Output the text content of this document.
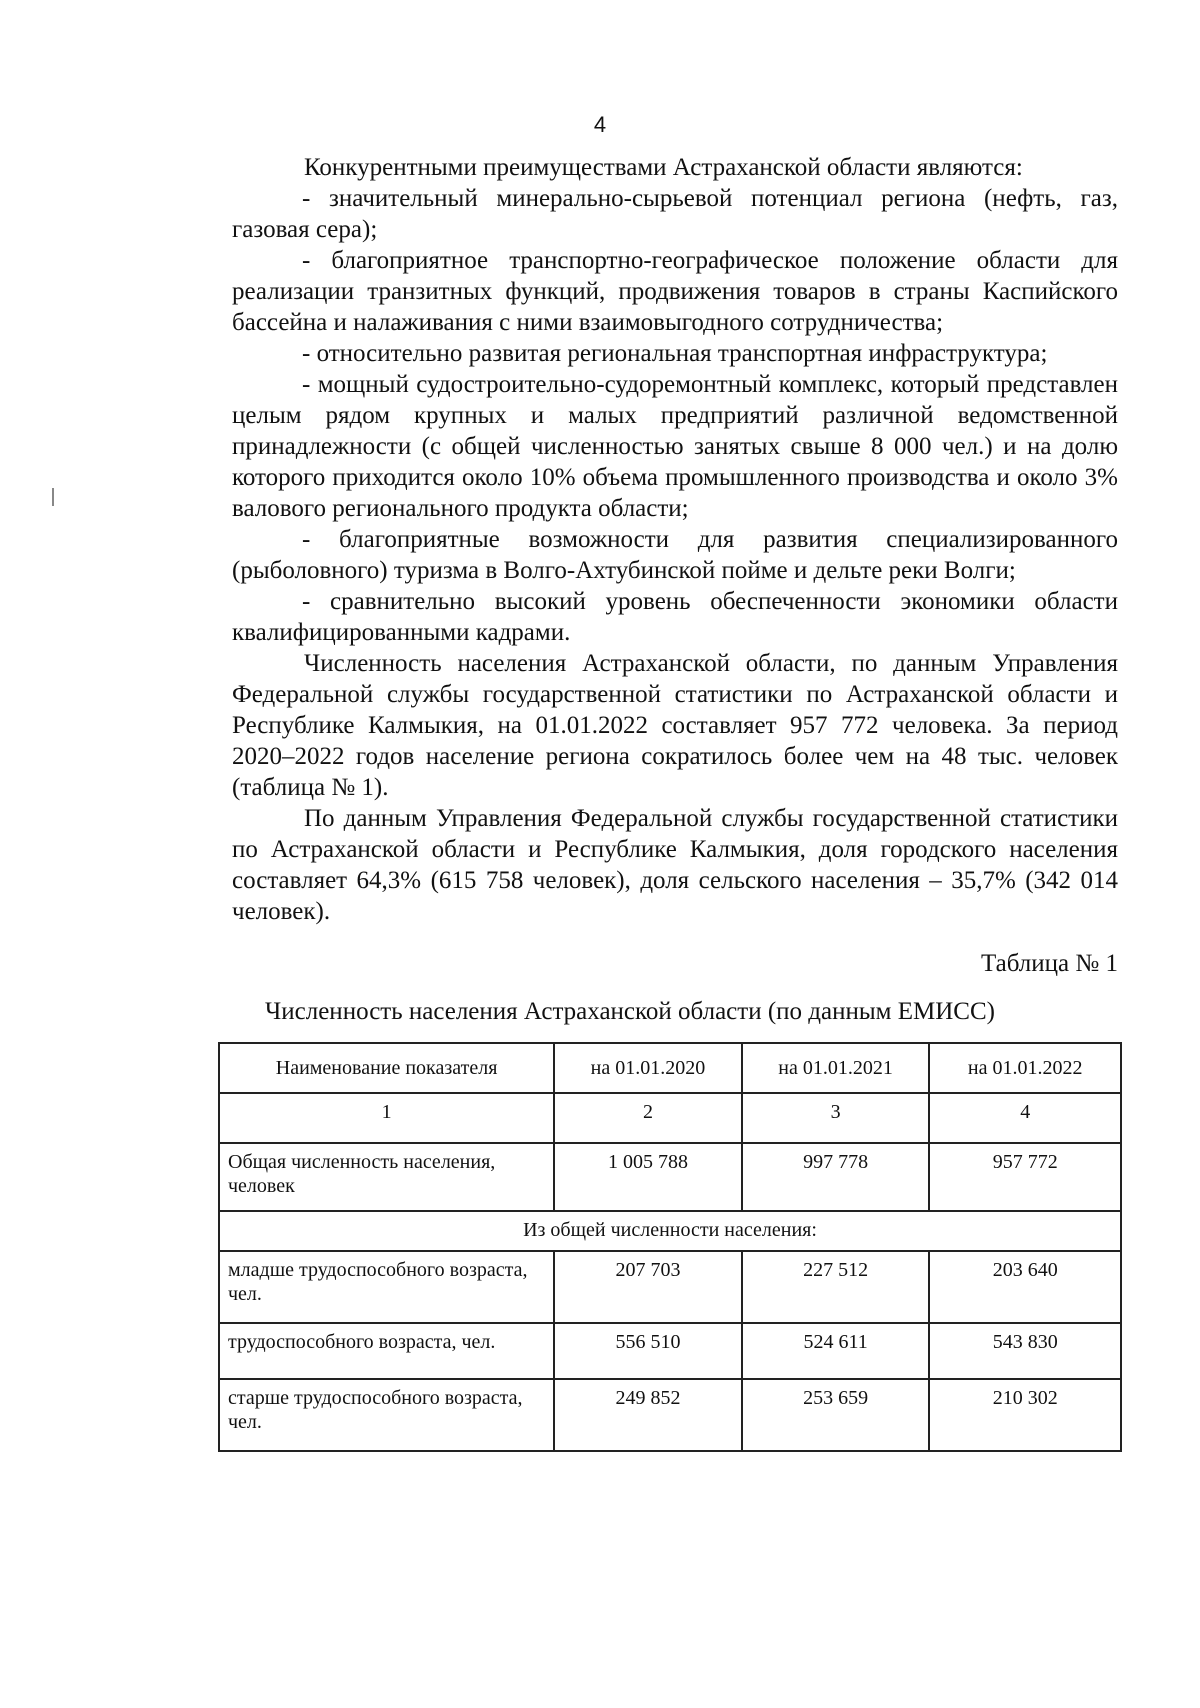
4

Конкурентными преимуществами Астраханской области являются:

- значительный минерально-сырьевой потенциал региона (нефть, газ, газовая сера);

- благоприятное транспортно-географическое положение области для реализации транзитных функций, продвижения товаров в страны Каспийского бассейна и налаживания с ними взаимовыгодного сотрудничества;

- относительно развитая региональная транспортная инфраструктура;

- мощный судостроительно-судоремонтный комплекс, который представлен целым рядом крупных и малых предприятий различной ведомственной принадлежности (с общей численностью занятых свыше 8 000 чел.) и на долю которого приходится около 10% объема промышленного производства и около 3% валового регионального продукта области;

- благоприятные возможности для развития специализированного (рыболовного) туризма в Волго-Ахтубинской пойме и дельте реки Волги;

- сравнительно высокий уровень обеспеченности экономики области квалифицированными кадрами.

Численность населения Астраханской области, по данным Управления Федеральной службы государственной статистики по Астраханской области и Республике Калмыкия, на 01.01.2022 составляет 957 772 человека. За период 2020–2022 годов население региона сократилось более чем на 48 тыс. человек (таблица № 1).

По данным Управления Федеральной службы государственной статистики по Астраханской области и Республике Калмыкия, доля городского населения составляет 64,3% (615 758 человек), доля сельского населения – 35,7% (342 014 человек).

Таблица № 1
Численность населения Астраханской области (по данным ЕМИСС)
Наименование показателя	на 01.01.2020	на 01.01.2021	на 01.01.2022
1	2	3	4
Общая численность населения, человек	1 005 788	997 778	957 772
Из общей численности населения:			
младше трудоспособного возраста, чел.	207 703	227 512	203 640
трудоспособного возраста, чел.	556 510	524 611	543 830
старше трудоспособного возраста, чел.	249 852	253 659	210 302
